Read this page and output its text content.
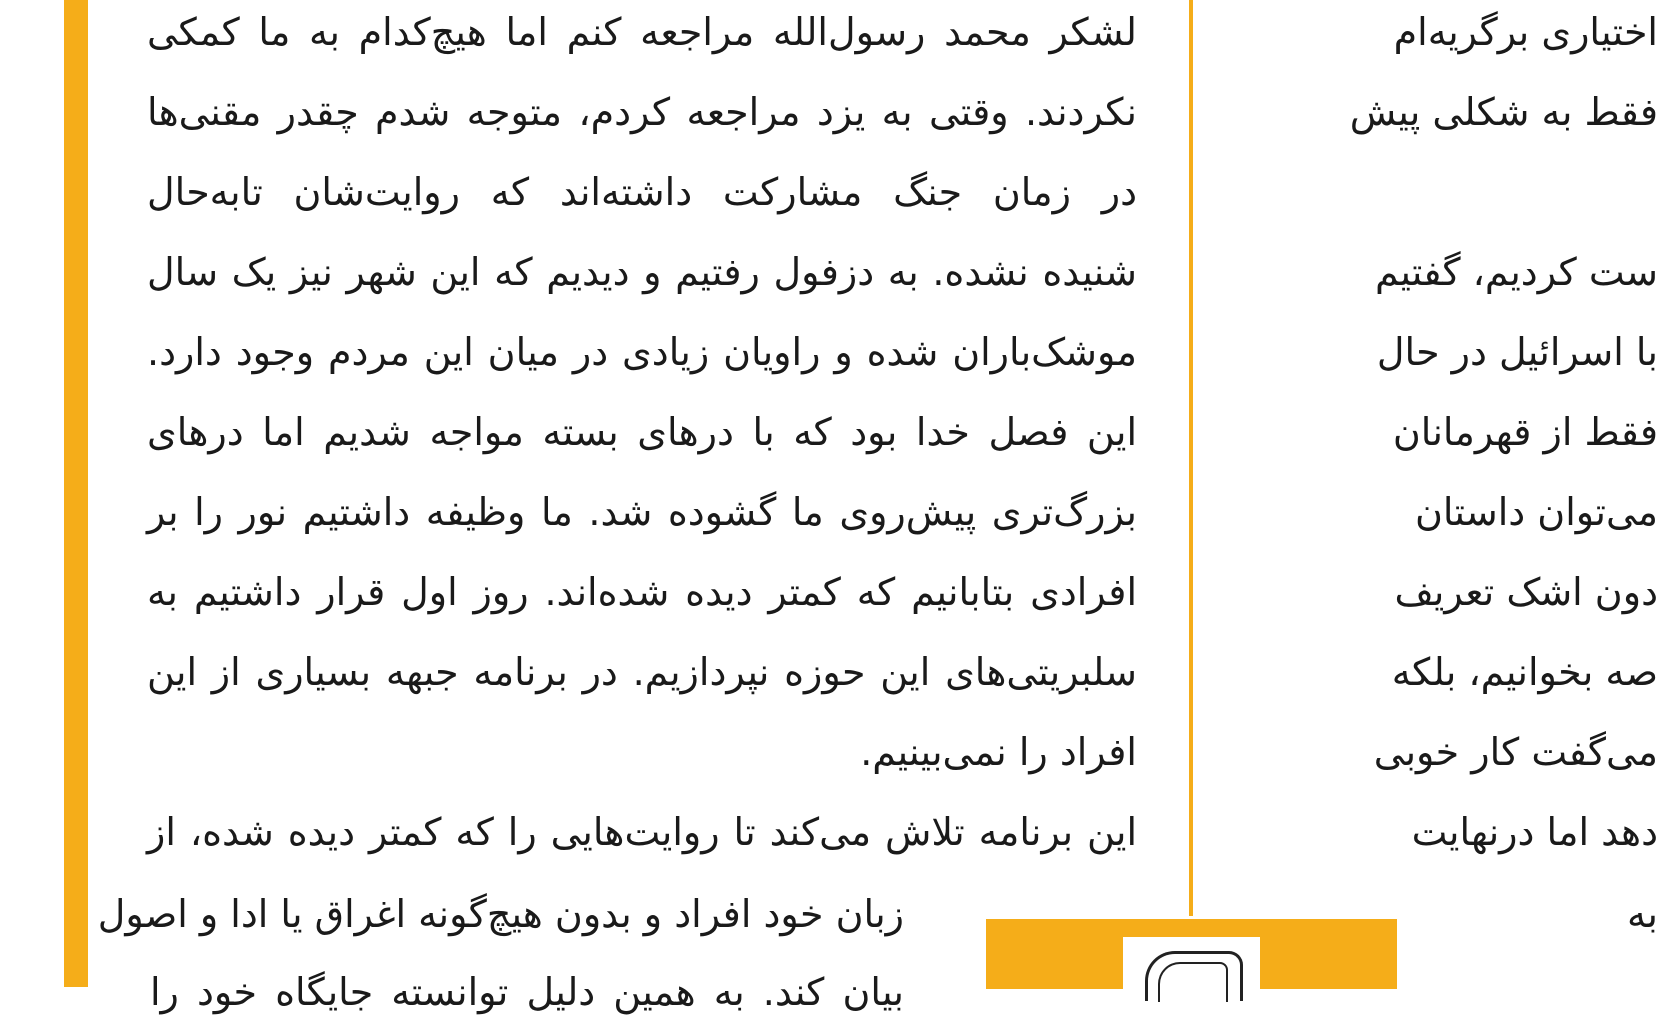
لشکر محمد رسول‌الله مراجعه کنم اما هیچ‌کدام به ما کمکی
نکردند. وقتی به یزد مراجعه کردم، متوجه شدم چقدر مقنی‌ها
در زمان جنگ مشارکت داشته‌اند که روایت‌شان تابه‌حال
شنیده نشده. به دزفول رفتیم و دیدیم که این شهر نیز یک سال
موشک‌باران شده و راویان زیادی در میان این مردم وجود دارد.
این فصل خدا بود که با درهای بسته مواجه شدیم اما درهای
بزرگ‌تری پیش‌روی ما گشوده شد. ما وظیفه داشتیم نور را بر
افرادی بتابانیم که کمتر دیده شده‌اند. روز اول قرار داشتیم به
سلبریتی‌های این حوزه نپردازیم. در برنامه جبهه بسیاری از این
افراد را نمی‌بینیم.
این برنامه تلاش می‌کند تا روایت‌هایی را که کمتر دیده شده، از
زبان خود افراد و بدون هیچ‌گونه اغراق یا ادا و اصول
بیان کند. به همین دلیل توانسته جایگاه خود را
اختیاری برگریه‌ام
فقط به شکلی پیش
ست کردیم، گفتیم
با اسرائیل در حال
فقط از قهرمانان
می‌توان داستان
دون اشک تعریف
صه بخوانیم، بلکه
می‌گفت کار خوبی
دهد اما درنهایت
به
